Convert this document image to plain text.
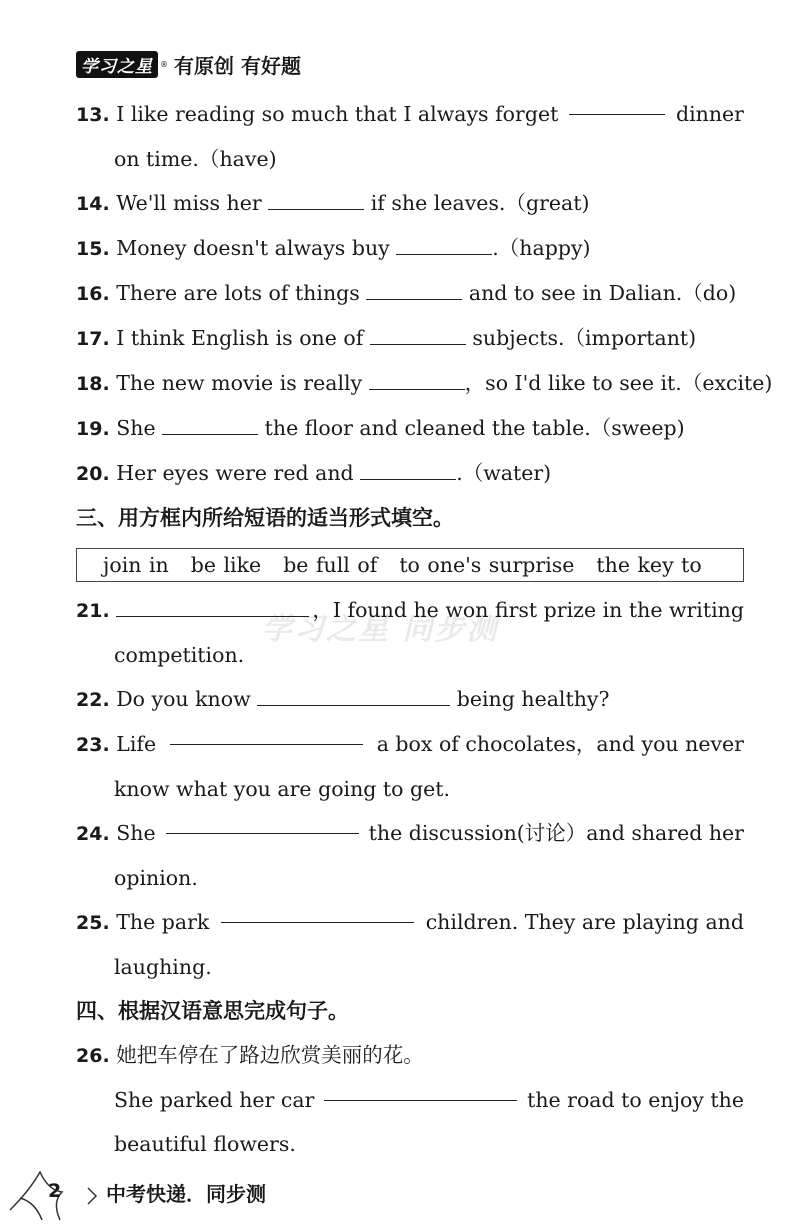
学习之星 ® 有原创 有好题
学习之星 同步测
13. I like reading so much that I always forget	dinner
on time.（have)
14. We'll miss her	if she leaves.（great)
15. Money doesn't always buy	.（happy)
16. There are lots of things	and to see in Dalian.（do)
17. I think English is one of	subjects.（important)
18. The new movie is really	，so I'd like to see it.（excite)
19. She	the floor and cleaned the table.（sweep)
20. Her eyes were red and	.（water)
三、用方框内所给短语的适当形式填空。
join in be like be full of to one's surprise the key to
21.	，I found he won first prize in the writing
competition.
22. Do you know	being healthy?
23. Life	a box of chocolates，and you never
know what you are going to get.
24. She	the discussion(讨论）and shared her
opinion.
25. The park	children. They are playing and
laughing.
四、根据汉语意思完成句子。
26. 她把车停在了路边欣赏美丽的花。
She parked her car	the road to enjoy the
beautiful flowers.
2 中考快递．同步测
